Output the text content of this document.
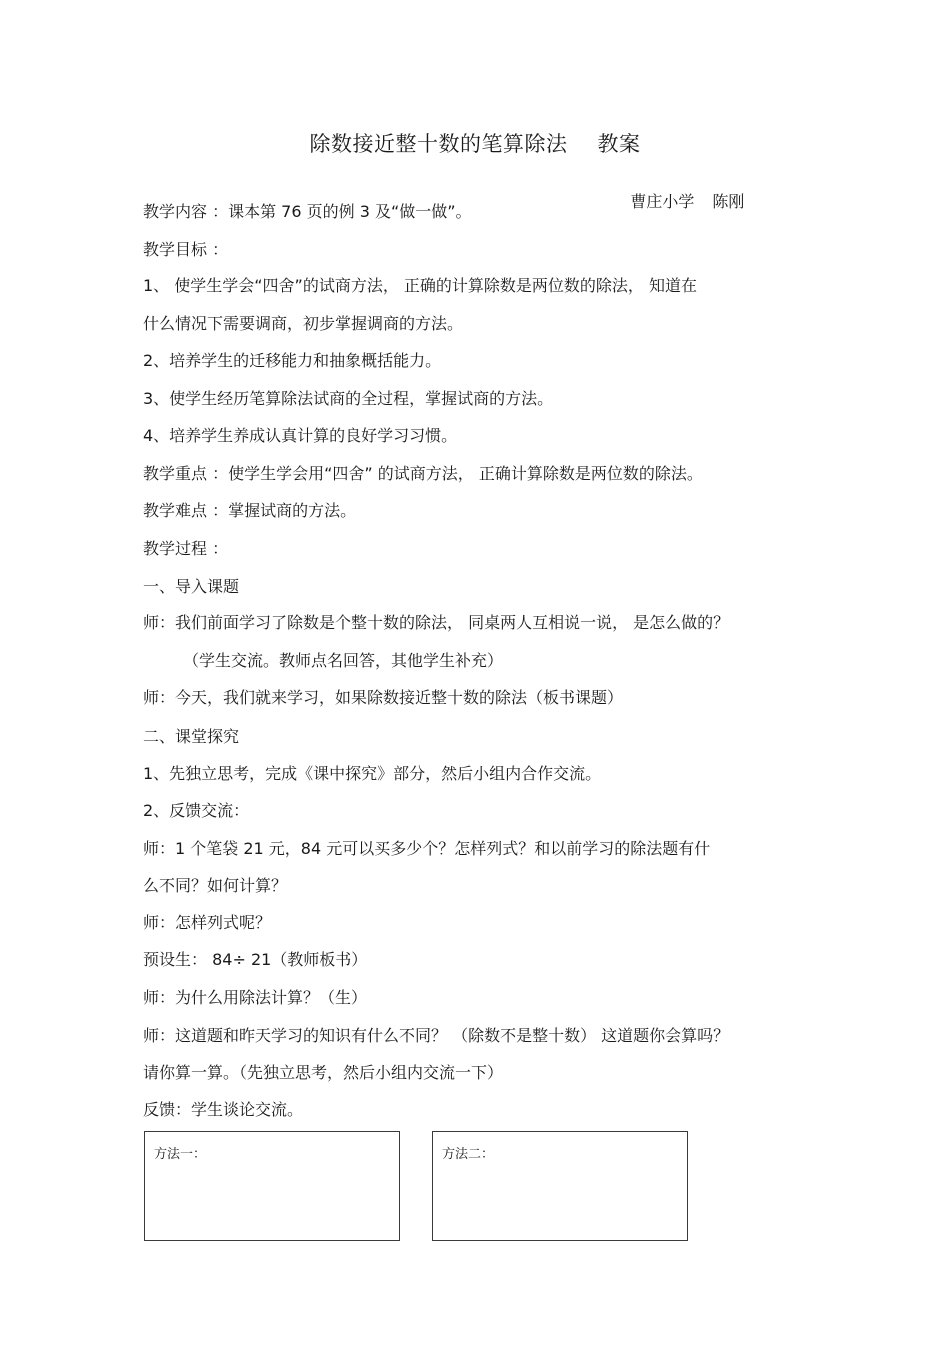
除数接近整十数的笔算除法 教案

曹庄小学 陈刚

教学内容 ：课本第 76 页的例 3 及“做一做”。
教学目标 ：
1、 使学生学会“四舍”的试商方法， 正确的计算除数是两位数的除法， 知道在
什么情况下需要调商，初步掌握调商的方法。
2、培养学生的迁移能力和抽象概括能力。
3、使学生经历笔算除法试商的全过程，掌握试商的方法。
4、培养学生养成认真计算的良好学习习惯。
教学重点 ：使学生学会用“四舍” 的试商方法， 正确计算除数是两位数的除法。
教学难点 ：掌握试商的方法。
教学过程 ：
一、导入课题
师：我们前面学习了除数是个整十数的除法， 同桌两人互相说一说， 是怎么做的？
（学生交流。教师点名回答，其他学生补充）
师：今天，我们就来学习，如果除数接近整十数的除法（板书课题）
二、课堂探究
1、先独立思考，完成《课中探究》部分，然后小组内合作交流。
2、反馈交流：
师：1 个笔袋 21 元，84 元可以买多少个？怎样列式？和以前学习的除法题有什
么不同？如何计算？
师：怎样列式呢？
预设生： 84÷ 21（教师板书）
师：为什么用除法计算？（生）
师：这道题和昨天学习的知识有什么不同？ （除数不是整十数） 这道题你会算吗？
请你算一算。（先独立思考，然后小组内交流一下）
反馈：学生谈论交流。
方法一：	方法二：
